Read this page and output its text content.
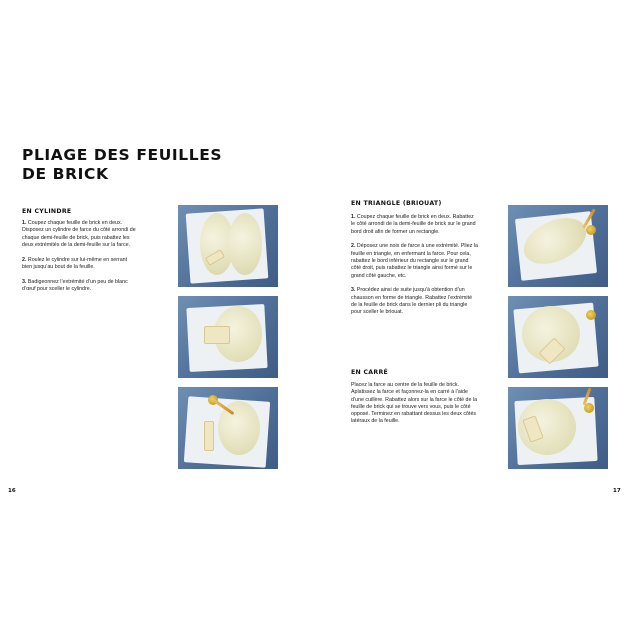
PLIAGE DES FEUILLES
DE BRICK
EN CYLINDRE
1. Coupez chaque feuille de brick en deux. Disposez un cylindre de farce du côté arrondi de chaque demi-feuille de brick, puis rabattez les deux extrémités de la demi-feuille sur la farce.
2. Roulez le cylindre sur lui-même en serrant bien jusqu’au bout de la feuille.
3. Badigeonnez l’extrémité d’un peu de blanc d’œuf pour sceller le cylindre.

16

EN TRIANGLE (BRIOUAT)
1. Coupez chaque feuille de brick en deux. Rabattez le côté arrondi de la demi-feuille de brick sur le grand bord droit afin de former un rectangle.
2. Déposez une noix de farce à une extrémité. Pliez la feuille en triangle, en enfermant la farce. Pour cela, rabattez le bord inférieur du rectangle sur le grand côté droit, puis rabattez le triangle ainsi formé sur le grand côté gauche, etc.
3. Procédez ainsi de suite jusqu’à obtention d’un chausson en forme de triangle. Rabattez l’extrémité de la feuille de brick dans le dernier pli du triangle pour sceller le briouat.
EN CARRÉ

Placez la farce au centre de la feuille de brick. Aplatissez la farce et façonnez-la en carré à l’aide d’une cuillère. Rabattez alors sur la farce le côté de la feuille de brick qui se trouve vers vous, puis le côté opposé. Terminez en rabattant dessus les deux côtés latéraux de la feuille.

17
